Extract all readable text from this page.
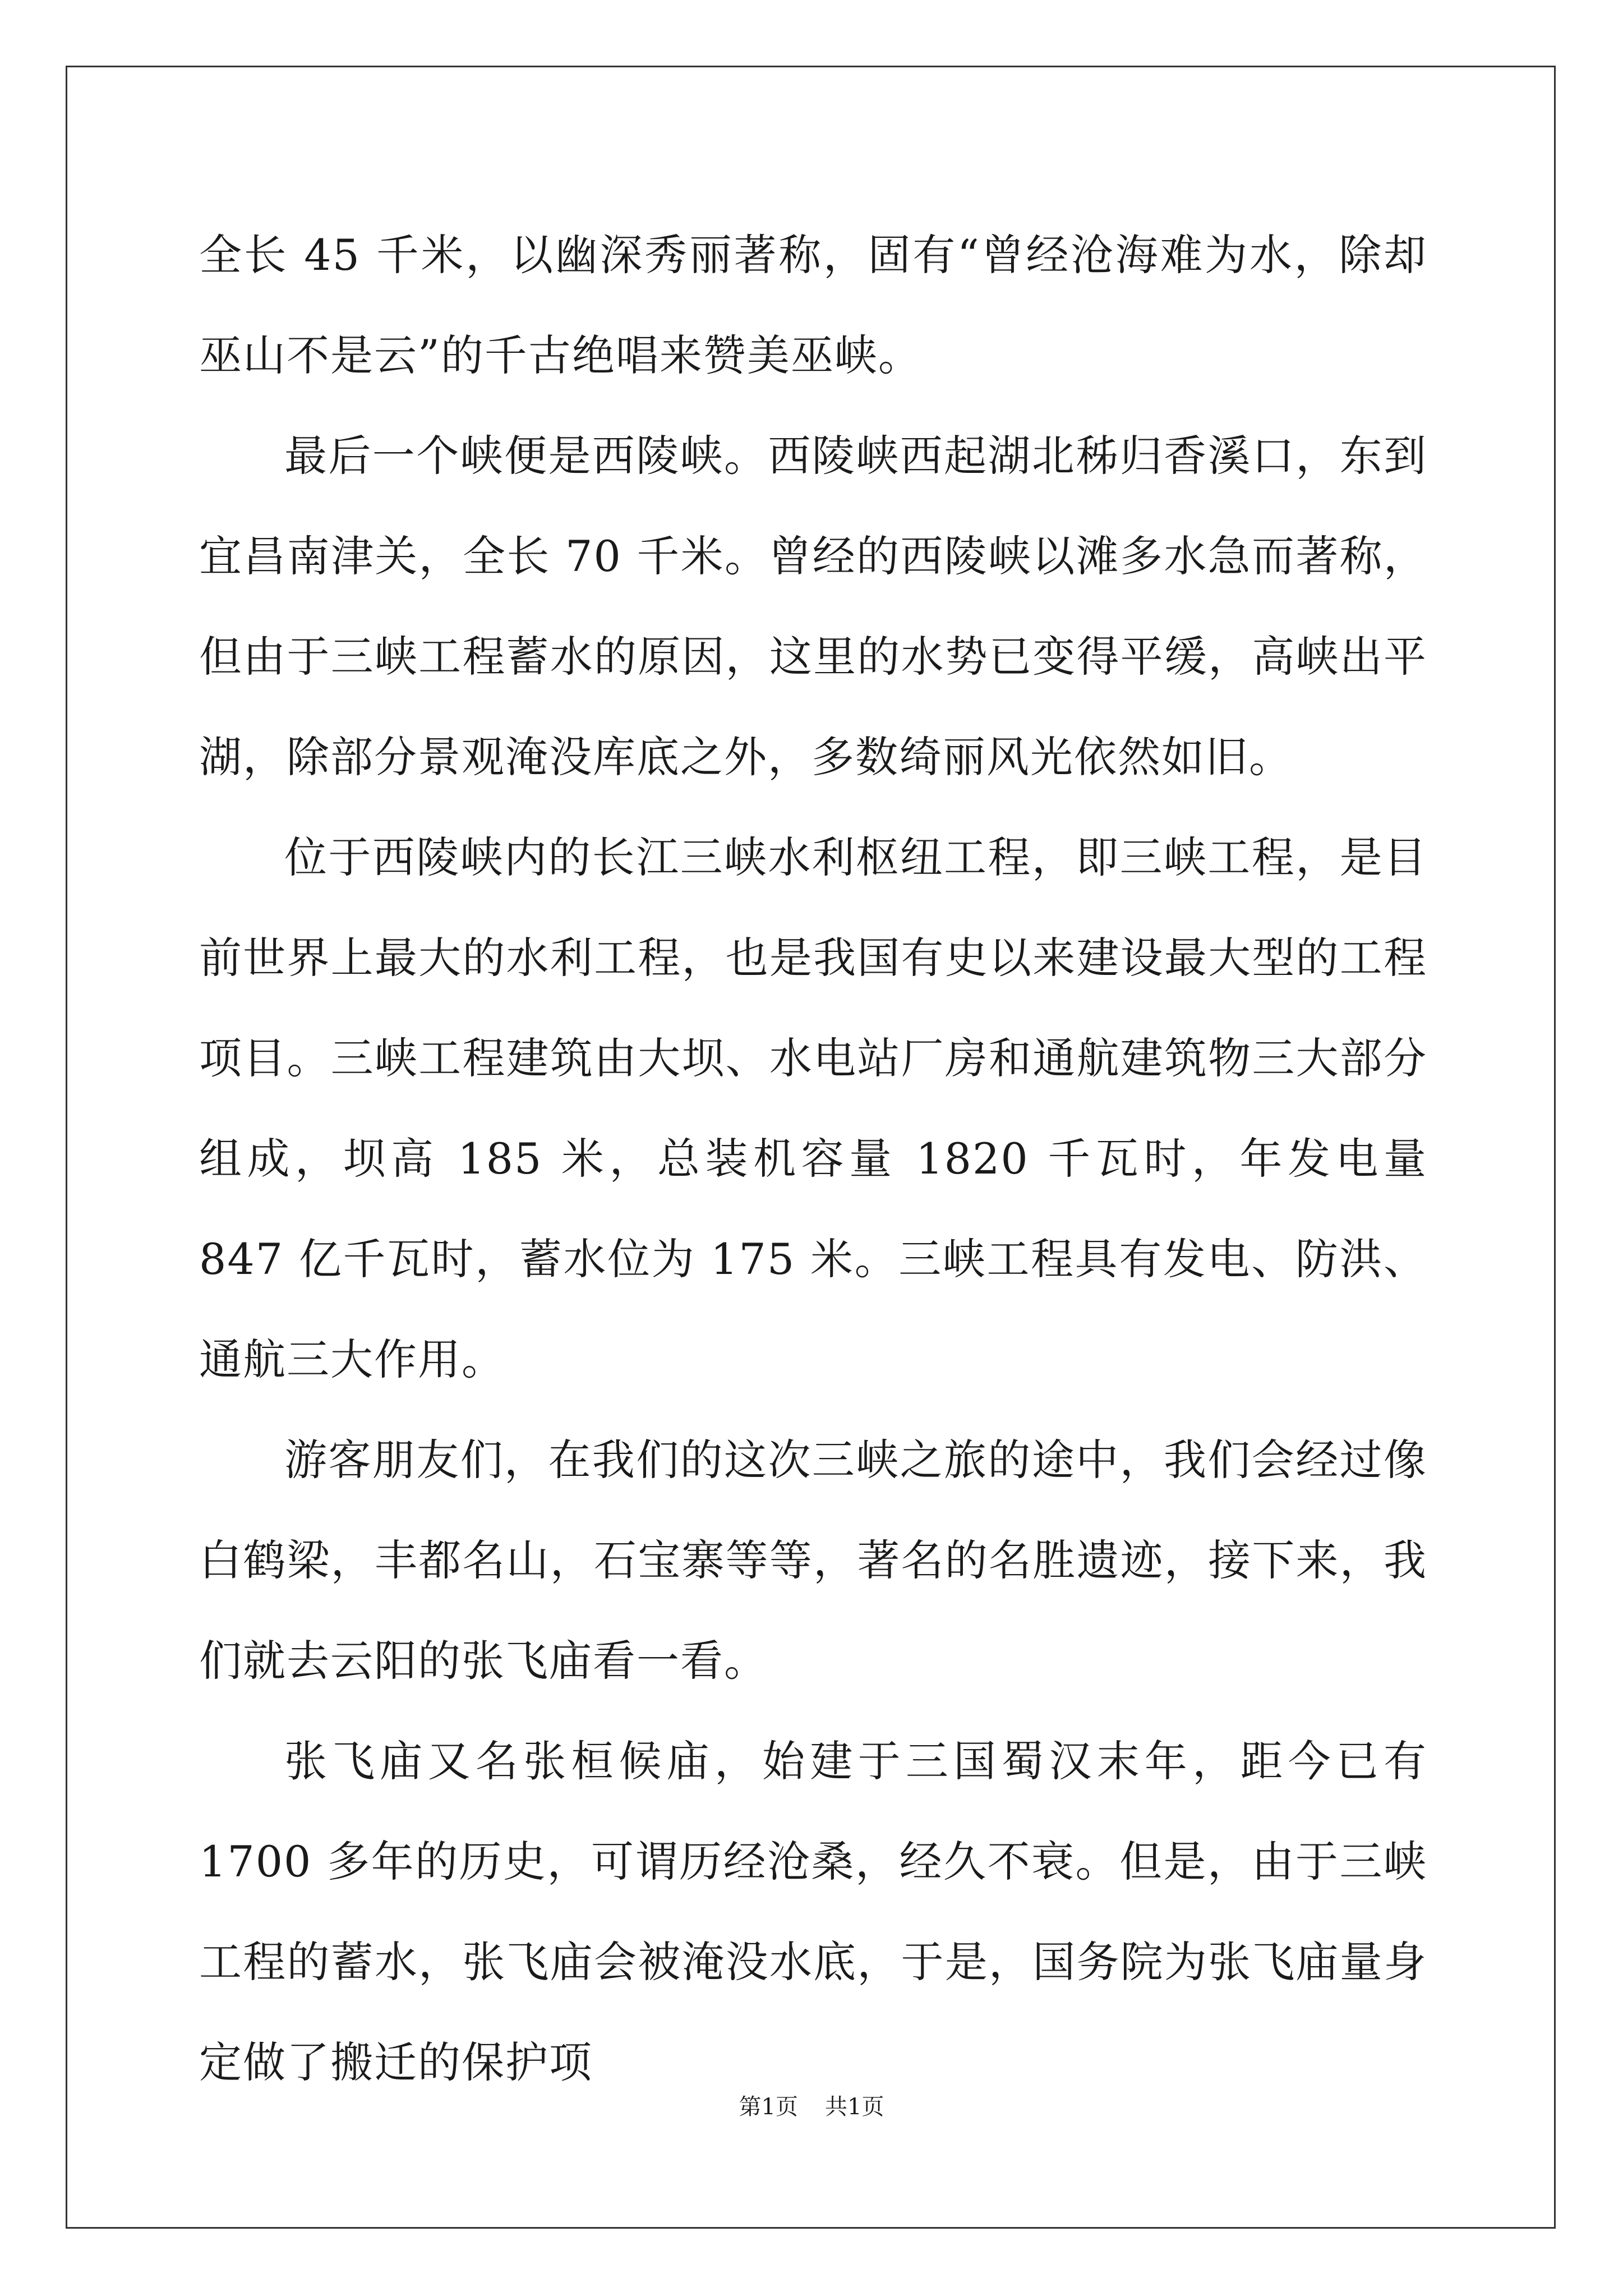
全长 45 千米，以幽深秀丽著称，固有“曾经沧海难为水，除却巫山不是云”的千古绝唱来赞美巫峡。

最后一个峡便是西陵峡。西陵峡西起湖北秭归香溪口，东到宜昌南津关，全长 70 千米。曾经的西陵峡以滩多水急而著称，但由于三峡工程蓄水的原因，这里的水势已变得平缓，高峡出平湖，除部分景观淹没库底之外，多数绮丽风光依然如旧。

位于西陵峡内的长江三峡水利枢纽工程，即三峡工程，是目前世界上最大的水利工程，也是我国有史以来建设最大型的工程项目。三峡工程建筑由大坝、水电站厂房和通航建筑物三大部分组成，坝高 185 米，总装机容量 1820 千瓦时，年发电量 847 亿千瓦时，蓄水位为 175 米。三峡工程具有发电、防洪、通航三大作用。

游客朋友们，在我们的这次三峡之旅的途中，我们会经过像白鹤梁，丰都名山，石宝寨等等，著名的名胜遗迹，接下来，我们就去云阳的张飞庙看一看。

张飞庙又名张桓候庙，始建于三国蜀汉末年，距今已有 1700 多年的历史，可谓历经沧桑，经久不衰。但是，由于三峡工程的蓄水，张飞庙会被淹没水底，于是，国务院为张飞庙量身定做了搬迁的保护项

第1页 共1页
